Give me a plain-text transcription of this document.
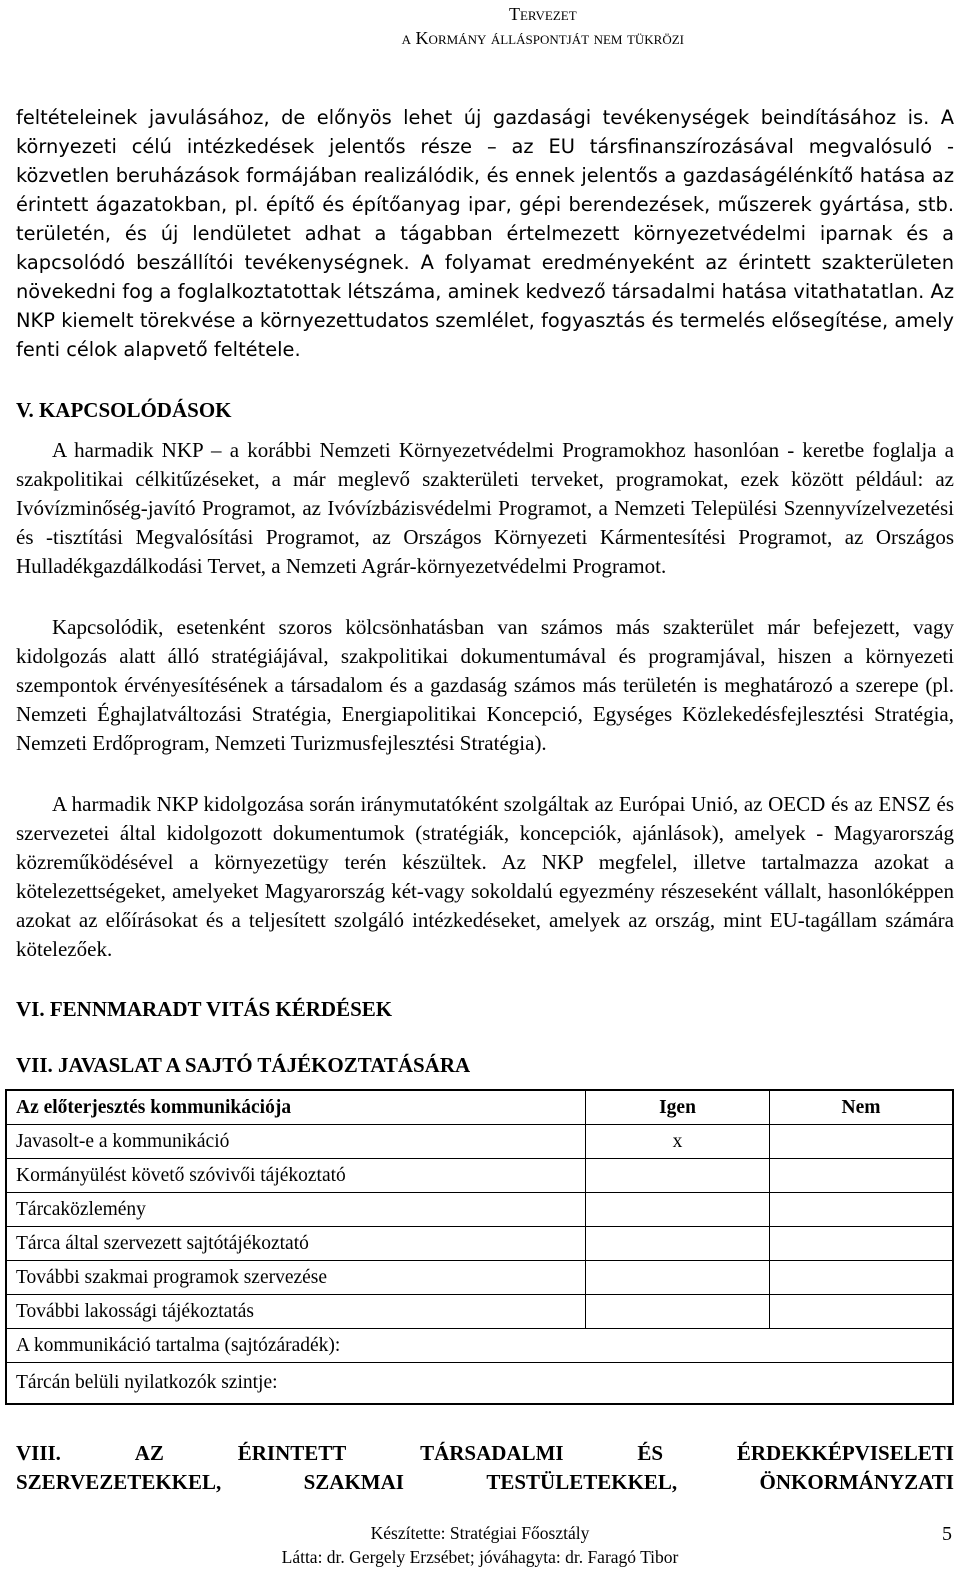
Tervezet
a Kormány álláspontját nem tükrözi
feltételeinek javulásához, de előnyös lehet új gazdasági tevékenységek beindításához is. A környezeti célú intézkedések jelentős része – az EU társfinanszírozásával megvalósuló - közvetlen beruházások formájában realizálódik, és ennek jelentős a gazdaságélénkítő hatása az érintett ágazatokban, pl. építő és építőanyag ipar, gépi berendezések, műszerek gyártása, stb. területén, és új lendületet adhat a tágabban értelmezett környezetvédelmi iparnak és a kapcsolódó beszállítói tevékenységnek. A folyamat eredményeként az érintett szakterületen növekedni fog a foglalkoztatottak létszáma, aminek kedvező társadalmi hatása vitathatatlan. Az NKP kiemelt törekvése a környezettudatos szemlélet, fogyasztás és termelés elősegítése, amely fenti célok alapvető feltétele.
V. KAPCSOLÓDÁSOK
A harmadik NKP – a korábbi Nemzeti Környezetvédelmi Programokhoz hasonlóan - keretbe foglalja a szakpolitikai célkitűzéseket, a már meglevő szakterületi terveket, programokat, ezek között például: az Ivóvízminőség-javító Programot, az Ivóvízbázisvédelmi Programot, a Nemzeti Települési Szennyvízelvezetési és -tisztítási Megvalósítási Programot, az Országos Környezeti Kármentesítési Programot, az Országos Hulladékgazdálkodási Tervet, a Nemzeti Agrár-környezetvédelmi Programot.
Kapcsolódik, esetenként szoros kölcsönhatásban van számos más szakterület már befejezett, vagy kidolgozás alatt álló stratégiájával, szakpolitikai dokumentumával és programjával, hiszen a környezeti szempontok érvényesítésének a társadalom és a gazdaság számos más területén is meghatározó a szerepe (pl. Nemzeti Éghajlatváltozási Stratégia, Energiapolitikai Koncepció, Egységes Közlekedésfejlesztési Stratégia, Nemzeti Erdőprogram, Nemzeti Turizmusfejlesztési Stratégia).
A harmadik NKP kidolgozása során iránymutatóként szolgáltak az Európai Unió, az OECD és az ENSZ és szervezetei által kidolgozott dokumentumok (stratégiák, koncepciók, ajánlások), amelyek - Magyarország közreműködésével a környezetügy terén készültek. Az NKP megfelel, illetve tartalmazza azokat a kötelezettségeket, amelyeket Magyarország két-vagy sokoldalú egyezmény részeseként vállalt, hasonlóképpen azokat az előírásokat és a teljesített szolgáló intézkedéseket, amelyek az ország, mint EU-tagállam számára kötelezőek.
VI. FENNMARADT VITÁS KÉRDÉSEK
VII. JAVASLAT A SAJTÓ TÁJÉKOZTATÁSÁRA
Az előterjesztés kommunikációja	Igen	Nem
Javasolt-e a kommunikáció	x	
Kormányülést követő szóvivői tájékoztató		
Tárcaközlemény		
Tárca által szervezett sajtótájékoztató		
További szakmai programok szervezése		
További lakossági tájékoztatás		
A kommunikáció tartalma (sajtózáradék):		
Tárcán belüli nyilatkozók szintje:		
VIII.	AZ	ÉRINTETT	TÁRSADALMI	ÉS	ÉRDEKKÉPVISELETI
SZERVEZETEKKEL,	SZAKMAI	TESTÜLETEKKEL,	ÖNKORMÁNYZATI
Készítette: Stratégiai Főosztály
Látta: dr. Gergely Erzsébet; jóváhagyta: dr. Faragó Tibor
5
